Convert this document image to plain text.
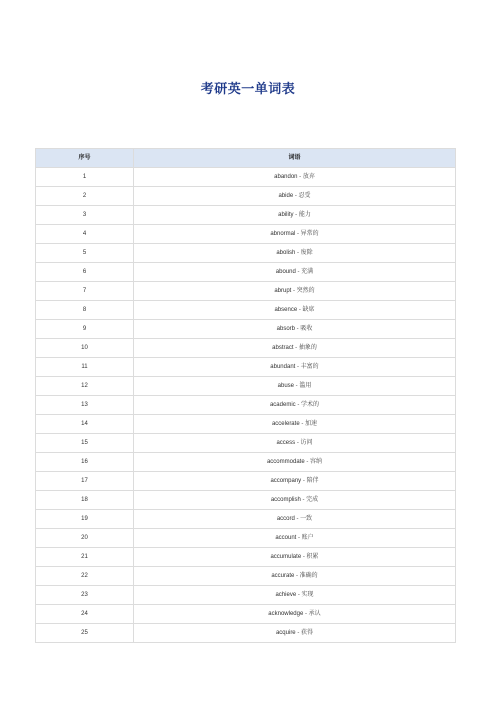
考研英一单词表
序号	词语
1	abandon - 放弃
2	abide - 忍受
3	ability - 能力
4	abnormal - 异常的
5	abolish - 废除
6	abound - 充满
7	abrupt - 突然的
8	absence - 缺席
9	absorb - 吸收
10	abstract - 抽象的
11	abundant - 丰富的
12	abuse - 滥用
13	academic - 学术的
14	accelerate - 加速
15	access - 访问
16	accommodate - 容纳
17	accompany - 陪伴
18	accomplish - 完成
19	accord - 一致
20	account - 账户
21	accumulate - 积累
22	accurate - 准确的
23	achieve - 实现
24	acknowledge - 承认
25	acquire - 获得
